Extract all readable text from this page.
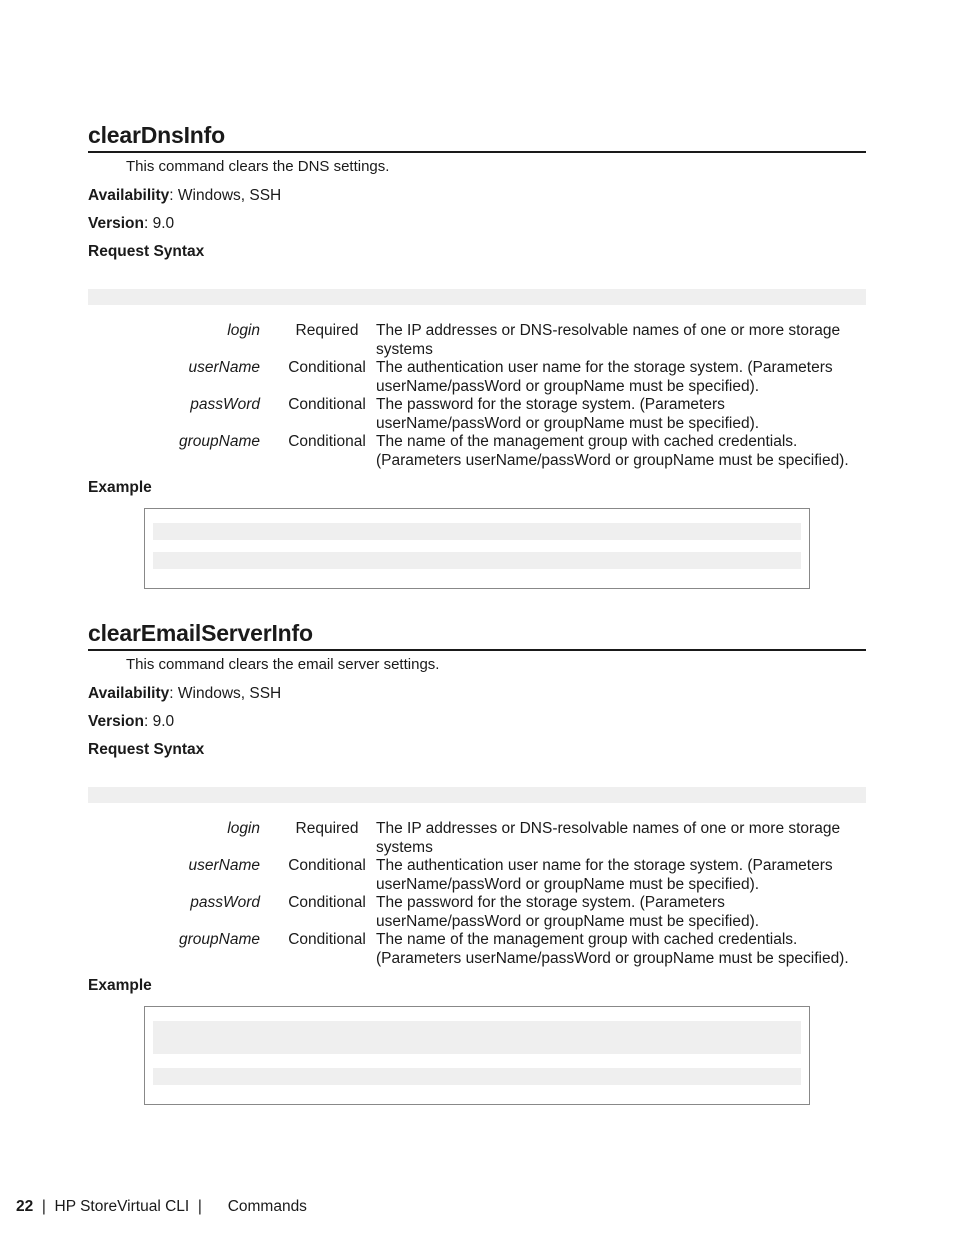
clearDnsInfo
This command clears the DNS settings.
Availability: Windows, SSH
Version: 9.0
Request Syntax
login	Required	The IP addresses or DNS-resolvable names of one or more storage systems
userName	Conditional The authentication user name for the storage system. (Parameters userName/passWord or groupName must be specified).
passWord	Conditional The password for the storage system. (Parameters userName/passWord or groupName must be specified).
groupName	Conditional The name of the management group with cached credentials. (Parameters userName/passWord or groupName must be specified).
Example
clearEmailServerInfo
This command clears the email server settings.
Availability: Windows, SSH
Version: 9.0
Request Syntax
login	Required	The IP addresses or DNS-resolvable names of one or more storage systems
userName	Conditional The authentication user name for the storage system. (Parameters userName/passWord or groupName must be specified).
passWord	Conditional The password for the storage system. (Parameters userName/passWord or groupName must be specified).
groupName	Conditional The name of the management group with cached credentials. (Parameters userName/passWord or groupName must be specified).
Example
22  |  HP StoreVirtual CLI  |      Commands
